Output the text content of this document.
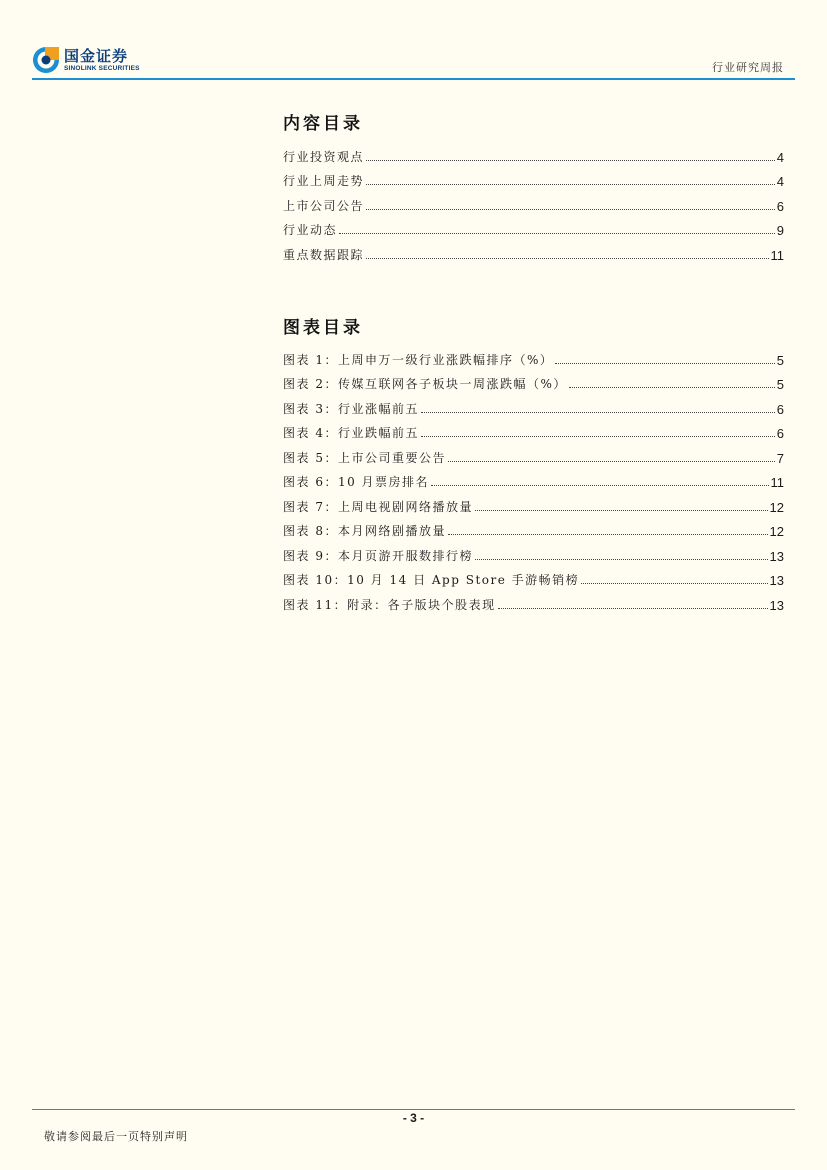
国金证券
SINOLINK SECURITIES	行业研究周报
内容目录
行业投资观点	4
行业上周走势	4
上市公司公告	6
行业动态	9
重点数据跟踪	11
图表目录
图表 1：上周申万一级行业涨跌幅排序（%）	5
图表 2：传媒互联网各子板块一周涨跌幅（%）	5
图表 3：行业涨幅前五	6
图表 4：行业跌幅前五	6
图表 5：上市公司重要公告	7
图表 6：10 月票房排名	11
图表 7：上周电视剧网络播放量	12
图表 8：本月网络剧播放量	12
图表 9：本月页游开服数排行榜	13
图表 10：10 月 14 日 App Store 手游畅销榜	13
图表 11：附录：各子版块个股表现	13
- 3 -
敬请参阅最后一页特别声明
